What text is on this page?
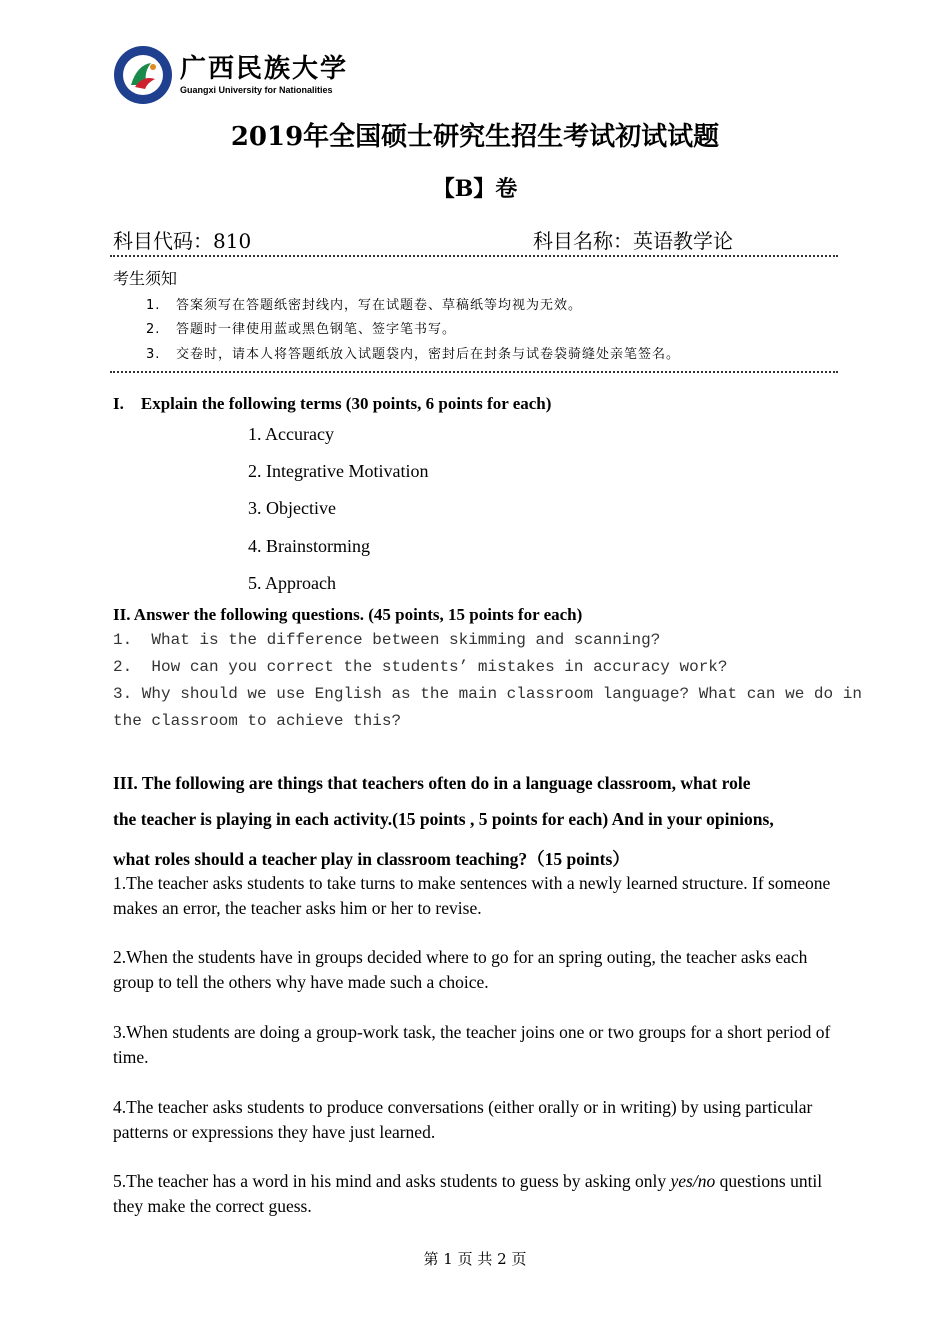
广西民族大学
Guangxi University for Nationalities
2019年全国硕士研究生招生考试初试试题
【B】卷
科目代码：810	科目名称：英语教学论
考生须知
1. 答案须写在答题纸密封线内，写在试题卷、草稿纸等均视为无效。
2. 答题时一律使用蓝或黑色钢笔、签字笔书写。
3. 交卷时，请本人将答题纸放入试题袋内，密封后在封条与试卷袋骑缝处亲笔签名。
I.    Explain the following terms (30 points, 6 points for each)
1. Accuracy
2. Integrative Motivation
3. Objective
4. Brainstorming
5. Approach
II. Answer the following questions. (45 points, 15 points for each)
1.  What is the difference between skimming and scanning?
2.  How can you correct the students’ mistakes in accuracy work?
3. Why should we use English as the main classroom language? What can we do in
the classroom to achieve this?
III. The following are things that teachers often do in a language classroom, what role
the teacher is playing in each activity.(15 points , 5 points for each) And in your opinions,
what roles should a teacher play in classroom teaching?（15 points）
1.The teacher asks students to take turns to make sentences with a newly learned structure. If someone makes an error, the teacher asks him or her to revise.
2.When the students have in groups decided where to go for an spring outing, the teacher asks each group to tell the others why have made such a choice.
3.When students are doing a group-work task, the teacher joins one or two groups for a short period of time.
4.The teacher asks students to produce conversations (either orally or in writing) by using particular patterns or expressions they have just learned.
5.The teacher has a word in his mind and asks students to guess by asking only yes/no questions until they make the correct guess.
第 1 页 共 2 页
